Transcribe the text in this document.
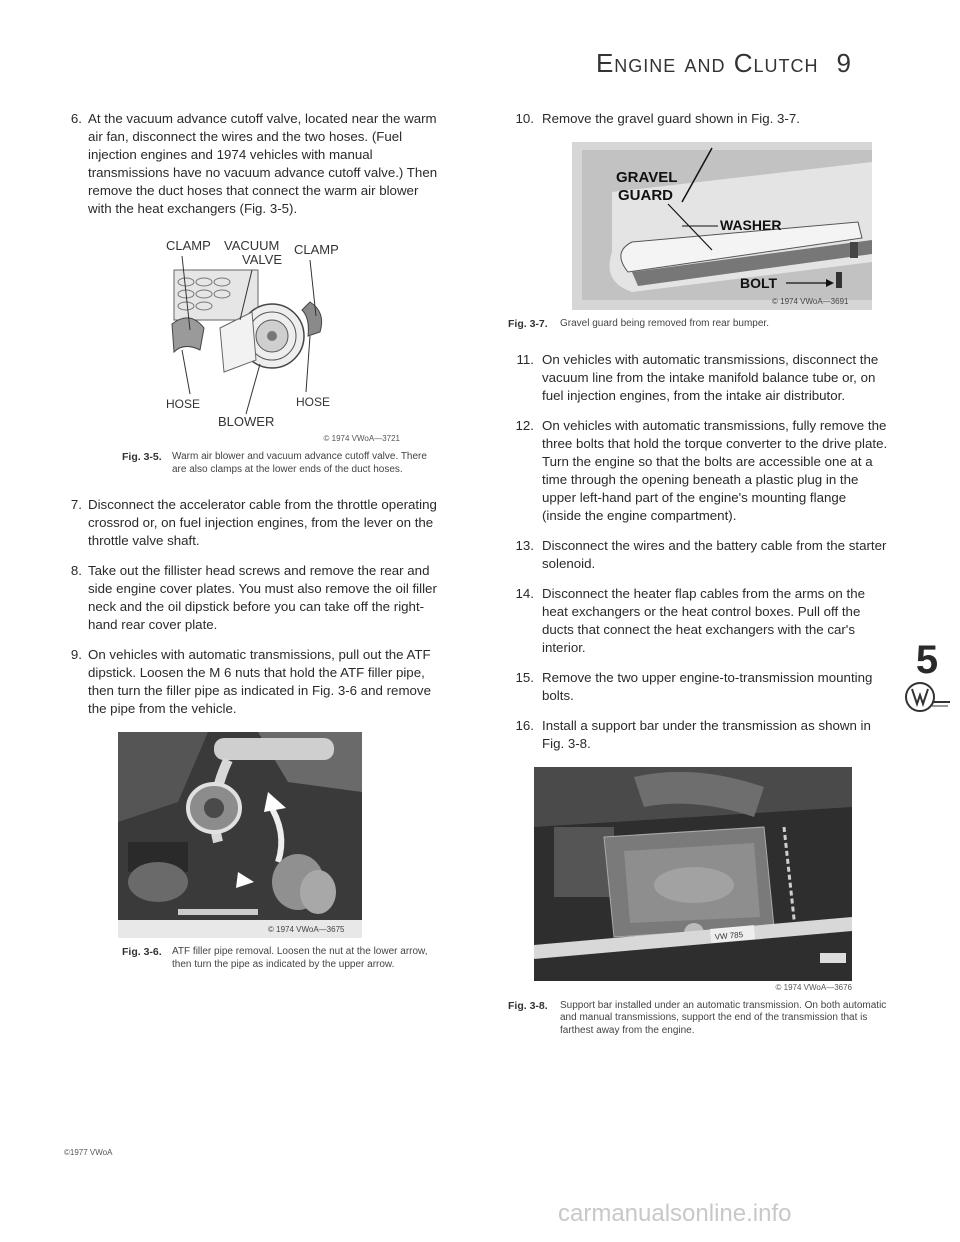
Engine and Clutch 9
6. At the vacuum advance cutoff valve, located near the warm air fan, disconnect the wires and the two hoses. (Fuel injection engines and 1974 vehicles with manual transmissions have no vacuum advance cutoff valve.) Then remove the duct hoses that connect the warm air blower with the heat exchangers (Fig. 3-5).
CLAMP VACUUM
VALVE
CLAMP
HOSE	HOSE
BLOWER
© 1974 VWoA—3721
Fig. 3-5. Warm air blower and vacuum advance cutoff valve. There are also clamps at the lower ends of the duct hoses.
7. Disconnect the accelerator cable from the throttle operating crossrod or, on fuel injection engines, from the lever on the throttle valve shaft.
8. Take out the fillister head screws and remove the rear and side engine cover plates. You must also remove the oil filler neck and the oil dipstick before you can take off the right-hand rear cover plate.
9. On vehicles with automatic transmissions, pull out the ATF dipstick. Loosen the M 6 nuts that hold the ATF filler pipe, then turn the filler pipe as indicated in Fig. 3-6 and remove the pipe from the vehicle.
© 1974 VWoA—3675
Fig. 3-6. ATF filler pipe removal. Loosen the nut at the lower arrow, then turn the pipe as indicated by the upper arrow.
10. Remove the gravel guard shown in Fig. 3-7.
GRAVEL
GUARD
WASHER
BOLT
© 1974 VWoA—3691
Fig. 3-7. Gravel guard being removed from rear bumper.
11. On vehicles with automatic transmissions, disconnect the vacuum line from the intake manifold balance tube or, on fuel injection engines, from the intake air distributor.
12. On vehicles with automatic transmissions, fully remove the three bolts that hold the torque converter to the drive plate. Turn the engine so that the bolts are accessible one at a time through the opening beneath a plastic plug in the upper left-hand part of the engine's mounting flange (inside the engine compartment).
13. Disconnect the wires and the battery cable from the starter solenoid.
14. Disconnect the heater flap cables from the arms on the heat exchangers or the heat control boxes. Pull off the ducts that connect the heat exchangers with the car's interior.
15. Remove the two upper engine-to-transmission mounting bolts.
16. Install a support bar under the transmission as shown in Fig. 3-8.
VW 785
© 1974 VWoA—3676
Fig. 3-8. Support bar installed under an automatic transmission. On both automatic and manual transmissions, support the end of the transmission that is farthest away from the engine.
©1977 VWoA
5
carmanualsonline.info
